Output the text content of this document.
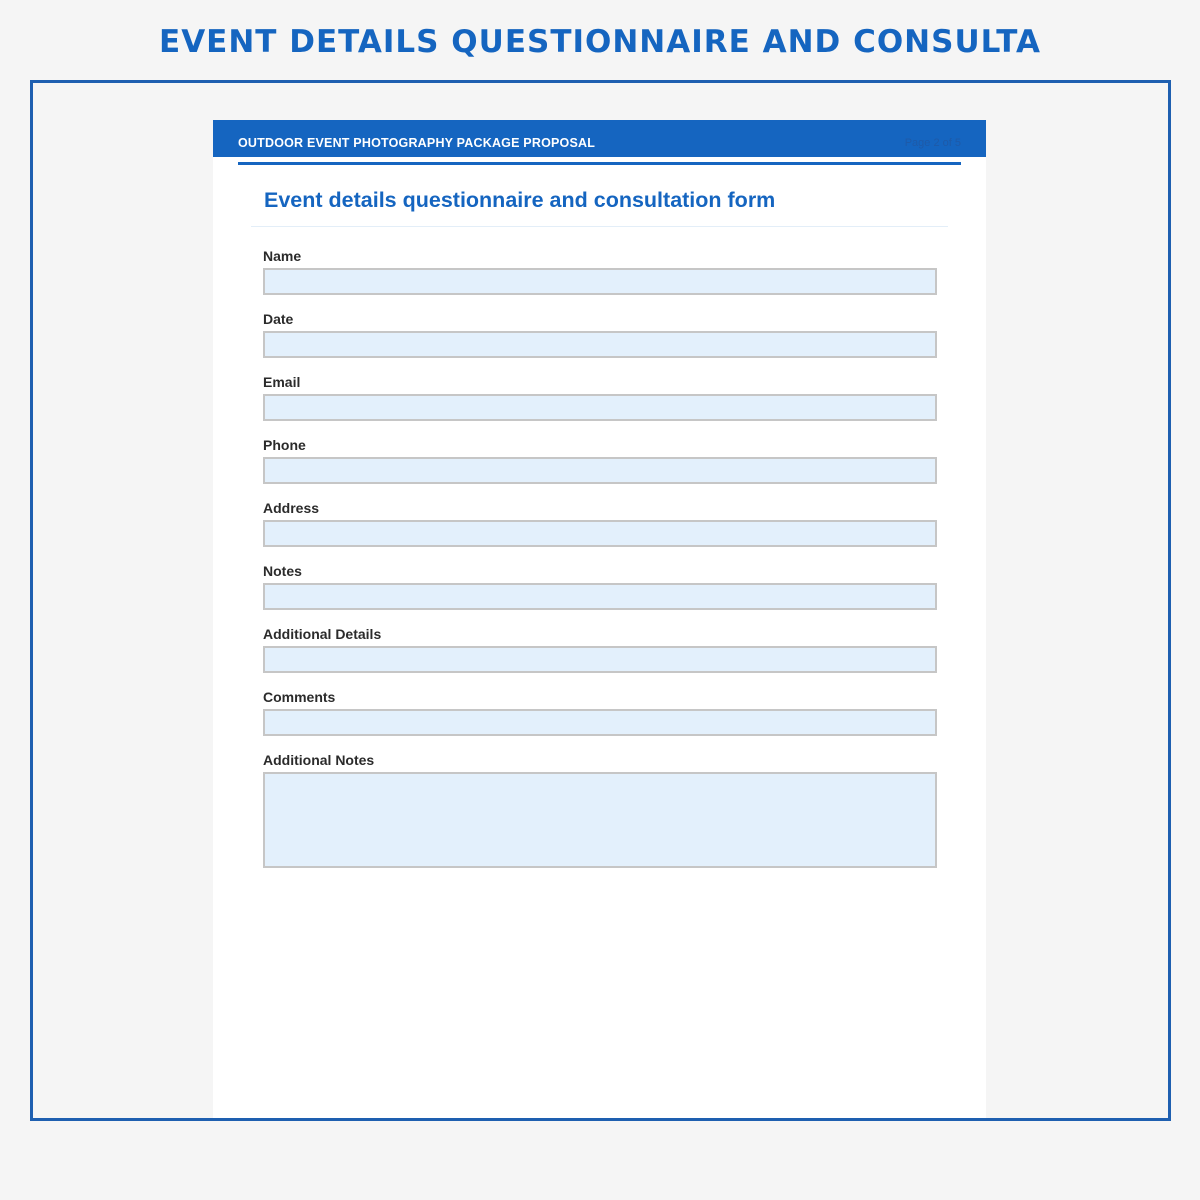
EVENT DETAILS QUESTIONNAIRE AND CONSULTA
OUTDOOR EVENT PHOTOGRAPHY PACKAGE PROPOSAL	Page 2 of 5
Event details questionnaire and consultation form
Name
Date
Email
Phone
Address
Notes
Additional Details
Comments
Additional Notes
